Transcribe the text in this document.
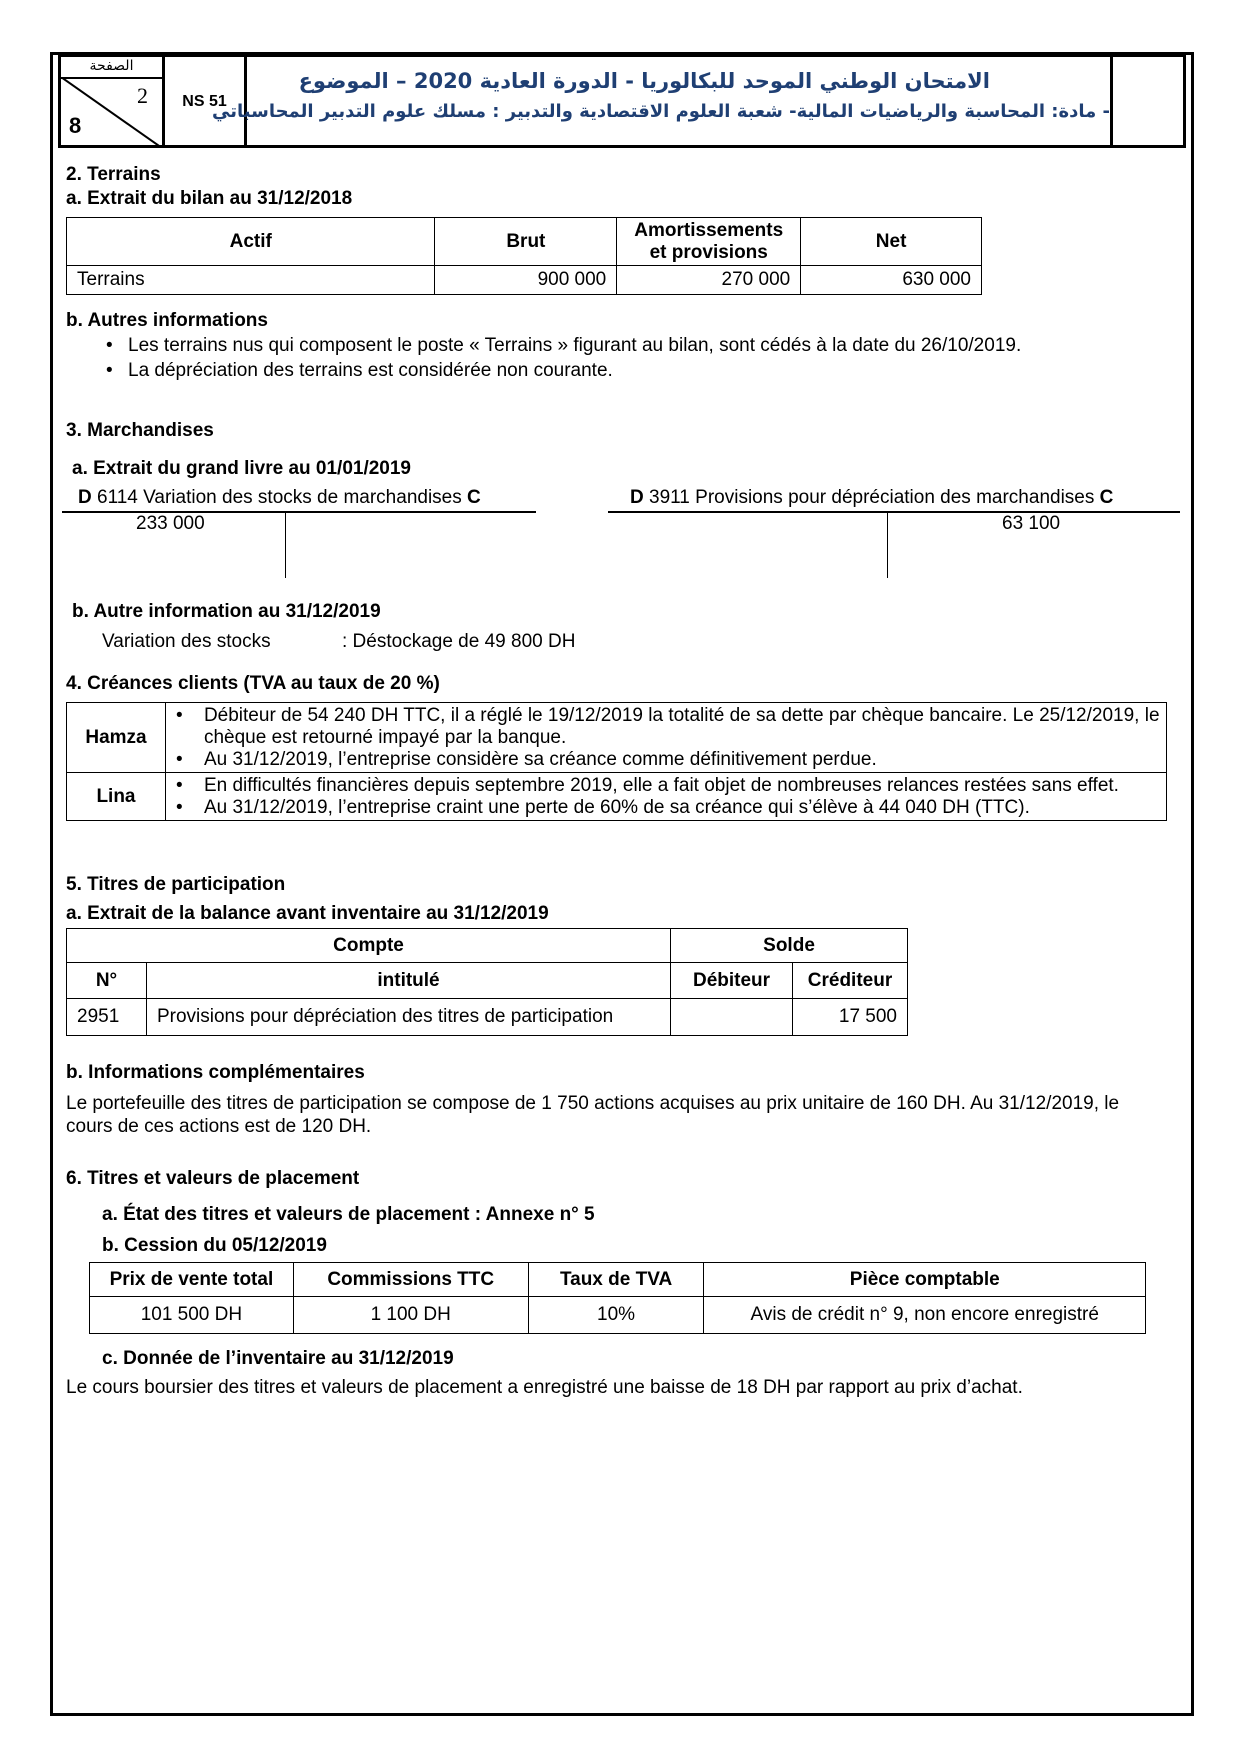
الصفحة
2
8
NS 51
الامتحان الوطني الموحد للبكالوريا - الدورة العادية 2020 – الموضوع
- مادة: المحاسبة والرياضيات المالية- شعبة العلوم الاقتصادية والتدبير : مسلك علوم التدبير المحاسباتي
2. Terrains
a. Extrait du bilan au 31/12/2018
Actif	Brut	Amortissements et provisions	Net
Terrains	900 000	270 000	630 000
b. Autres informations
• Les terrains nus qui composent le poste « Terrains » figurant au bilan, sont cédés à la date du 26/10/2019.
• La dépréciation des terrains est considérée non courante.
3. Marchandises
a. Extrait du grand livre au 01/01/2019
D 6114 Variation des stocks de marchandises C
233 000
D 3911 Provisions pour dépréciation des marchandises C
63 100
b. Autre information au 31/12/2019
Variation des stocks	: Déstockage de 49 800 DH
4. Créances clients (TVA au taux de 20 %)
Hamza	• Débiteur de 54 240 DH TTC, il a réglé le 19/12/2019 la totalité de sa dette par chèque bancaire. Le 25/12/2019, le chèque est retourné impayé par la banque.
• Au 31/12/2019, l’entreprise considère sa créance comme définitivement perdue.

Lina	• En difficultés financières depuis septembre 2019, elle a fait objet de nombreuses relances restées sans effet.
• Au 31/12/2019, l’entreprise craint une perte de 60% de sa créance qui s’élève à 44 040 DH (TTC).
5. Titres de participation
a. Extrait de la balance avant inventaire au 31/12/2019
Compte		Solde	
N°	intitulé	Débiteur	Créditeur
2951	Provisions pour dépréciation des titres de participation		17 500
b. Informations complémentaires
Le portefeuille des titres de participation se compose de 1 750 actions acquises au prix unitaire de 160 DH. Au 31/12/2019, le cours de ces actions est de 120 DH.
6. Titres et valeurs de placement
a. État des titres et valeurs de placement : Annexe n° 5
b. Cession du 05/12/2019
Prix de vente total	Commissions TTC	Taux de TVA	Pièce comptable
101 500 DH	1 100 DH	10%	Avis de crédit n° 9, non encore enregistré
c. Donnée de l’inventaire au 31/12/2019
Le cours boursier des titres et valeurs de placement a enregistré une baisse de 18 DH par rapport au prix d’achat.
